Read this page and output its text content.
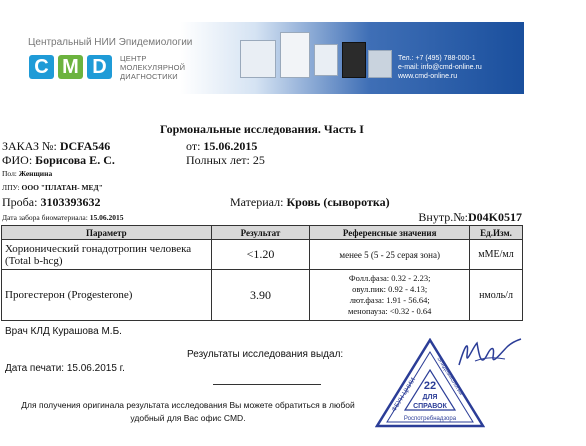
Центральный НИИ Эпидемиологии
C M D	ЦЕНТР
МОЛЕКУЛЯРНОЙ
ДИАГНОСТИКИ
Тел.: +7 (495) 788-000-1
e-mail: info@cmd-online.ru
www.cmd-online.ru
Гормональные исследования. Часть I
ЗАКАЗ №: DCFA546	от: 15.06.2015
ФИО: Борисова Е. С.	Полных лет: 25
Пол: Женщина
ЛПУ: ООО "ПЛАТАН- МЕД"
Проба: 3103393632	Материал: Кровь (сыворотка)
Дата забора биоматериала: 15.06.2015	Внутр.№:D04K0517
Параметр	Результат	Референсные значения	Ед.Изм.
Хорионический гонадотропин человека (Total b-hcg)	<1.20	менее 5 (5 - 25 серая зона)	мМЕ/мл
Прогестерон (Progesterone)	3.90	Фолл.фаза: 0.32 - 2.23;
овул.пик: 0.92 - 4.13;
лют.фаза: 1.91 - 56.64;
менопауза: <0.32 - 0.64	нмоль/л
Врач КЛД Курашова М.Б.
Результаты исследования выдал:
Дата печати: 15.06.2015 г.
Для получения оригинала результата исследования Вы можете обратиться в любой
удобный для Вас офис CMD.
22
ДЛЯ
СПРАВОК
ФБУН ЦНИИ	Эпидемиологии
Роспотребнадзора
